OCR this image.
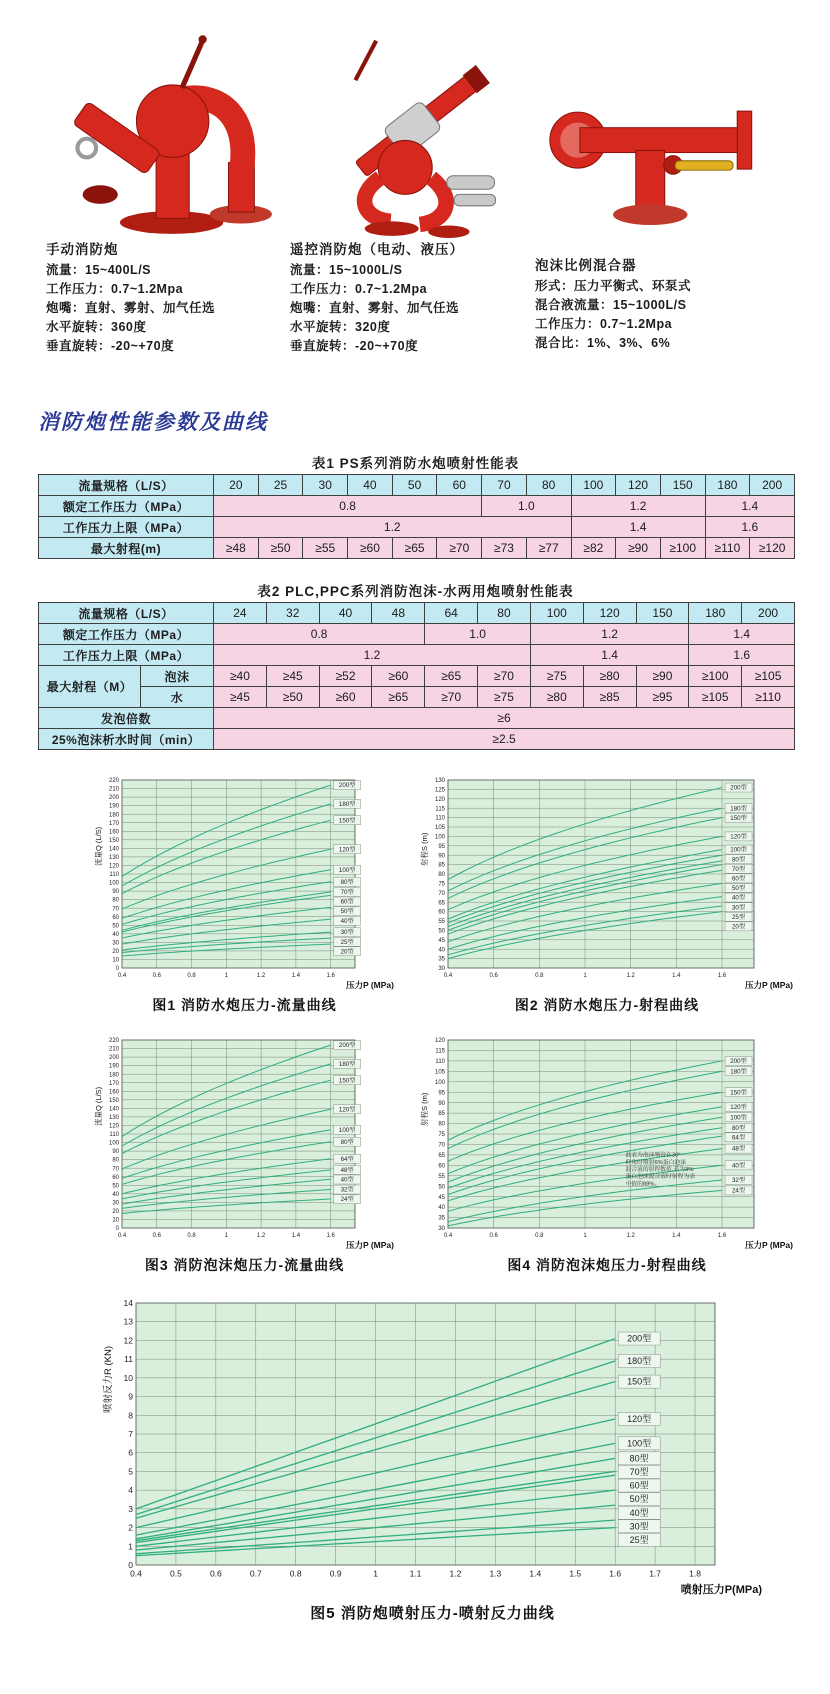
手动消防炮
流量：15~400L/S
工作压力：0.7~1.2Mpa
炮嘴：直射、雾射、加气任选
水平旋转：360度
垂直旋转：-20~+70度
遥控消防炮（电动、液压）
流量：15~1000L/S
工作压力：0.7~1.2Mpa
炮嘴：直射、雾射、加气任选
水平旋转：320度
垂直旋转：-20~+70度
泡沫比例混合器
形式：压力平衡式、环泵式
混合液流量：15~1000L/S
工作压力：0.7~1.2Mpa
混合比：1%、3%、6%
消防炮性能参数及曲线
表1 PS系列消防水炮喷射性能表
流量规格（L/S）	20	25	30	40	50	60	70	80	100	120	150	180	200
额定工作压力（MPa）	0.8						1.0		1.2			1.4	
工作压力上限（MPa）	1.2								1.4			1.6	
最大射程(m)	≥48	≥50	≥55	≥60	≥65	≥70	≥73	≥77	≥82	≥90	≥100	≥110	≥120
表2 PLC,PPC系列消防泡沫-水两用炮喷射性能表
流量规格（L/S）		24	32	40	48	64	80	100	120	150	180	200
额定工作压力（MPa）		0.8				1.0		1.2			1.4	
工作压力上限（MPa）		1.2						1.4			1.6	
最大射程（M）	泡沫	≥40	≥45	≥52	≥60	≥65	≥70	≥75	≥80	≥90	≥100	≥105
	水	≥45	≥50	≥60	≥65	≥70	≥75	≥80	≥85	≥95	≥105	≥110
发泡倍数		≥6										
25%泡沫析水时间（min）		≥2.5										
0
10
20
30
40
50
60
70
80
90
100
110
120
130
140
150
160
170
180
190
200
210
220
0.4	0.6	0.8	1	1.2	1.4	1.6
200型
180型
150型
120型
100型
80型
70型
60型
50型
40型
30型
25型
20型
压力P (MPa)
流量Q (L/S)
30
35
40
45
50
55
60
65
70
75
80
85
90
95
100
105
110
115
120
125
130
0.4	0.6	0.8	1	1.2	1.4	1.6
200型
180型
150型
120型
100型
80型
70型
60型
50型
40型
30型
25型
20型
压力P (MPa)
射程S (m)
0
10
20
30
40
50
60
70
80
90
100
110
120
130
140
150
160
170
180
190
200
210
220
0.4	0.6	0.8	1	1.2	1.4	1.6
200型
180型
150型
120型
100型
80型
64型
48型
40型
32型
24型
压力P (MPa)
流量Q (L/S)
30
35
40
45
50
55
60
65
70
75
80
85
90
95
100
105
110
115
120
0.4	0.6	0.8	1	1.2	1.4	1.6
200型
180型
150型
120型
100型
80型
64型
48型
40型
32型
24型
此表为泡沫喷管在30°
仰角时喷射6%蛋白泡沫
混合液的射程数值,若为3%
蛋白泡沫混合液时射程为表
中值的88%。
压力P (MPa)
射程S (m)
0
1
2
3
4
5
6
7
8
9
10
11
12
13
14
0.4	0.5	0.6	0.7	0.8	0.9	1	1.1	1.2	1.3	1.4	1.5	1.6	1.7	1.8
200型
180型
150型
120型
100型
80型
70型
60型
50型
40型
30型
25型
喷射压力P(MPa)
喷射反力R (KN)
图1 消防水炮压力-流量曲线	图2 消防水炮压力-射程曲线
图3 消防泡沫炮压力-流量曲线	图4 消防泡沫炮压力-射程曲线
图5 消防炮喷射压力-喷射反力曲线
